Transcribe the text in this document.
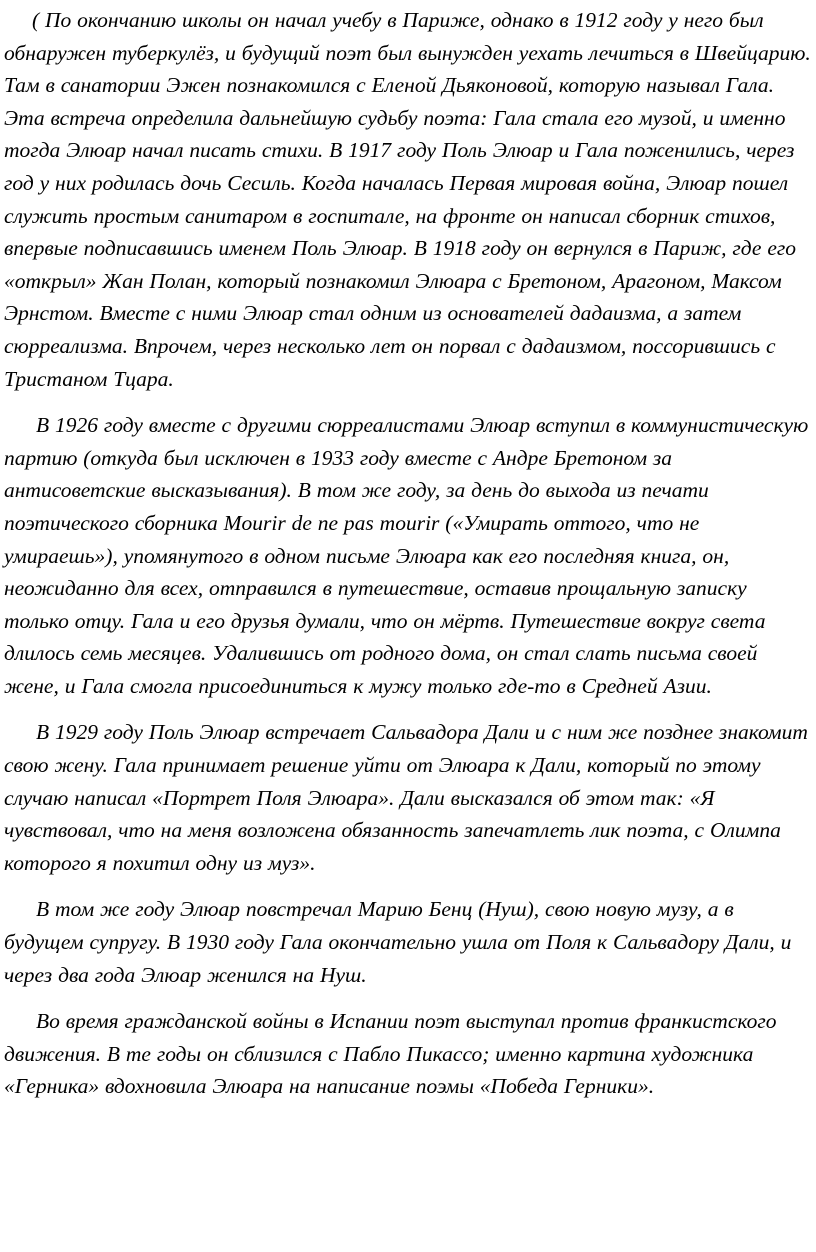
( По окончанию школы он начал учебу в Париже, однако в 1912 году у него был обнаружен туберкулёз, и будущий поэт был вынужден уехать лечиться в Швейцарию. Там в санатории Эжен познакомился с Еленой Дьяконовой, которую называл Гала. Эта встреча определила дальнейшую судьбу поэта: Гала стала его музой, и именно тогда Элюар начал писать стихи. В 1917 году Поль Элюар и Гала поженились, через год у них родилась дочь Сесиль. Когда началась Первая мировая война, Элюар пошел служить простым санитаром в госпитале, на фронте он написал сборник стихов, впервые подписавшись именем Поль Элюар. В 1918 году он вернулся в Париж, где его «открыл» Жан Полан, который познакомил Элюара с Бретоном, Арагоном, Максом Эрнстом. Вместе с ними Элюар стал одним из основателей дадаизма, а затем сюрреализма. Впрочем, через несколько лет он порвал с дадаизмом, поссорившись с Тристаном Тцара.

В 1926 году вместе с другими сюрреалистами Элюар вступил в коммунистическую партию (откуда был исключен в 1933 году вместе с Андре Бретоном за антисоветские высказывания). В том же году, за день до выхода из печати поэтического сборника Mourir de ne pas mourir («Умирать оттого, что не умираешь»), упомянутого в одном письме Элюара как его последняя книга, он, неожиданно для всех, отправился в путешествие, оставив прощальную записку только отцу. Гала и его друзья думали, что он мёртв. Путешествие вокруг света длилось семь месяцев. Удалившись от родного дома, он стал слать письма своей жене, и Гала смогла присоединиться к мужу только где-то в Средней Азии.

В 1929 году Поль Элюар встречает Сальвадора Дали и с ним же позднее знакомит свою жену. Гала принимает решение уйти от Элюара к Дали, который по этому случаю написал «Портрет Поля Элюара». Дали высказался об этом так: «Я чувствовал, что на меня возложена обязанность запечатлеть лик поэта, с Олимпа которого я похитил одну из муз».

В том же году Элюар повстречал Марию Бенц (Нуш), свою новую музу, а в будущем супругу. В 1930 году Гала окончательно ушла от Поля к Сальвадору Дали, и через два года Элюар женился на Нуш.

Во время гражданской войны в Испании поэт выступал против франкистского движения. В те годы он сблизился с Пабло Пикассо; именно картина художника «Герника» вдохновила Элюара на написание поэмы «Победа Герники».
